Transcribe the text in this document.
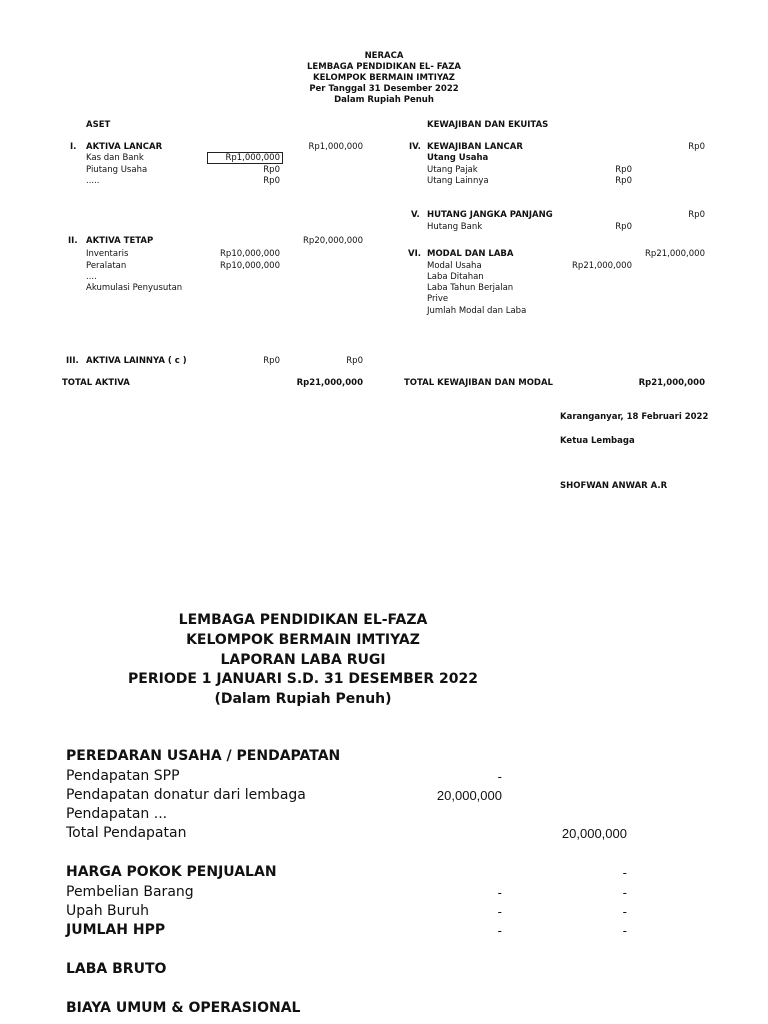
NERACA
LEMBAGA PENDIDIKAN EL- FAZA
KELOMPOK BERMAIN IMTIYAZ
Per Tanggal 31 Desember 2022
Dalam Rupiah Penuh
ASET	KEWAJIBAN DAN EKUITAS
I. AKTIVA LANCAR	Rp1,000,000
Kas dan Bank	Rp1,000,000
Piutang Usaha	Rp0
.....	Rp0
II. AKTIVA TETAP	Rp20,000,000
Inventaris	Rp10,000,000
Peralatan	Rp10,000,000
....
Akumulasi Penyusutan
III. AKTIVA LAINNYA ( c )	Rp0	Rp0
TOTAL AKTIVA	Rp21,000,000
IV. KEWAJIBAN LANCAR	Rp0
Utang Usaha
Utang Pajak	Rp0
Utang Lainnya	Rp0
V. HUTANG JANGKA PANJANG	Rp0
Hutang Bank	Rp0
VI. MODAL DAN LABA	Rp21,000,000
Modal Usaha	Rp21,000,000
Laba Ditahan
Laba Tahun Berjalan
Prive
Jumlah Modal dan Laba
TOTAL KEWAJIBAN DAN MODAL	Rp21,000,000
Karanganyar, 18 Februari 2022
Ketua Lembaga
SHOFWAN ANWAR A.R
LEMBAGA PENDIDIKAN EL-FAZA
KELOMPOK BERMAIN IMTIYAZ
LAPORAN LABA RUGI
PERIODE 1 JANUARI S.D. 31 DESEMBER 2022
(Dalam Rupiah Penuh)
PEREDARAN USAHA / PENDAPATAN
Pendapatan SPP	-
Pendapatan donatur dari lembaga	20,000,000
Pendapatan ...
Total Pendapatan	20,000,000
HARGA POKOK PENJUALAN	-
Pembelian Barang	-	-
Upah Buruh	-	-
JUMLAH HPP	-	-
LABA BRUTO
BIAYA UMUM & OPERASIONAL
